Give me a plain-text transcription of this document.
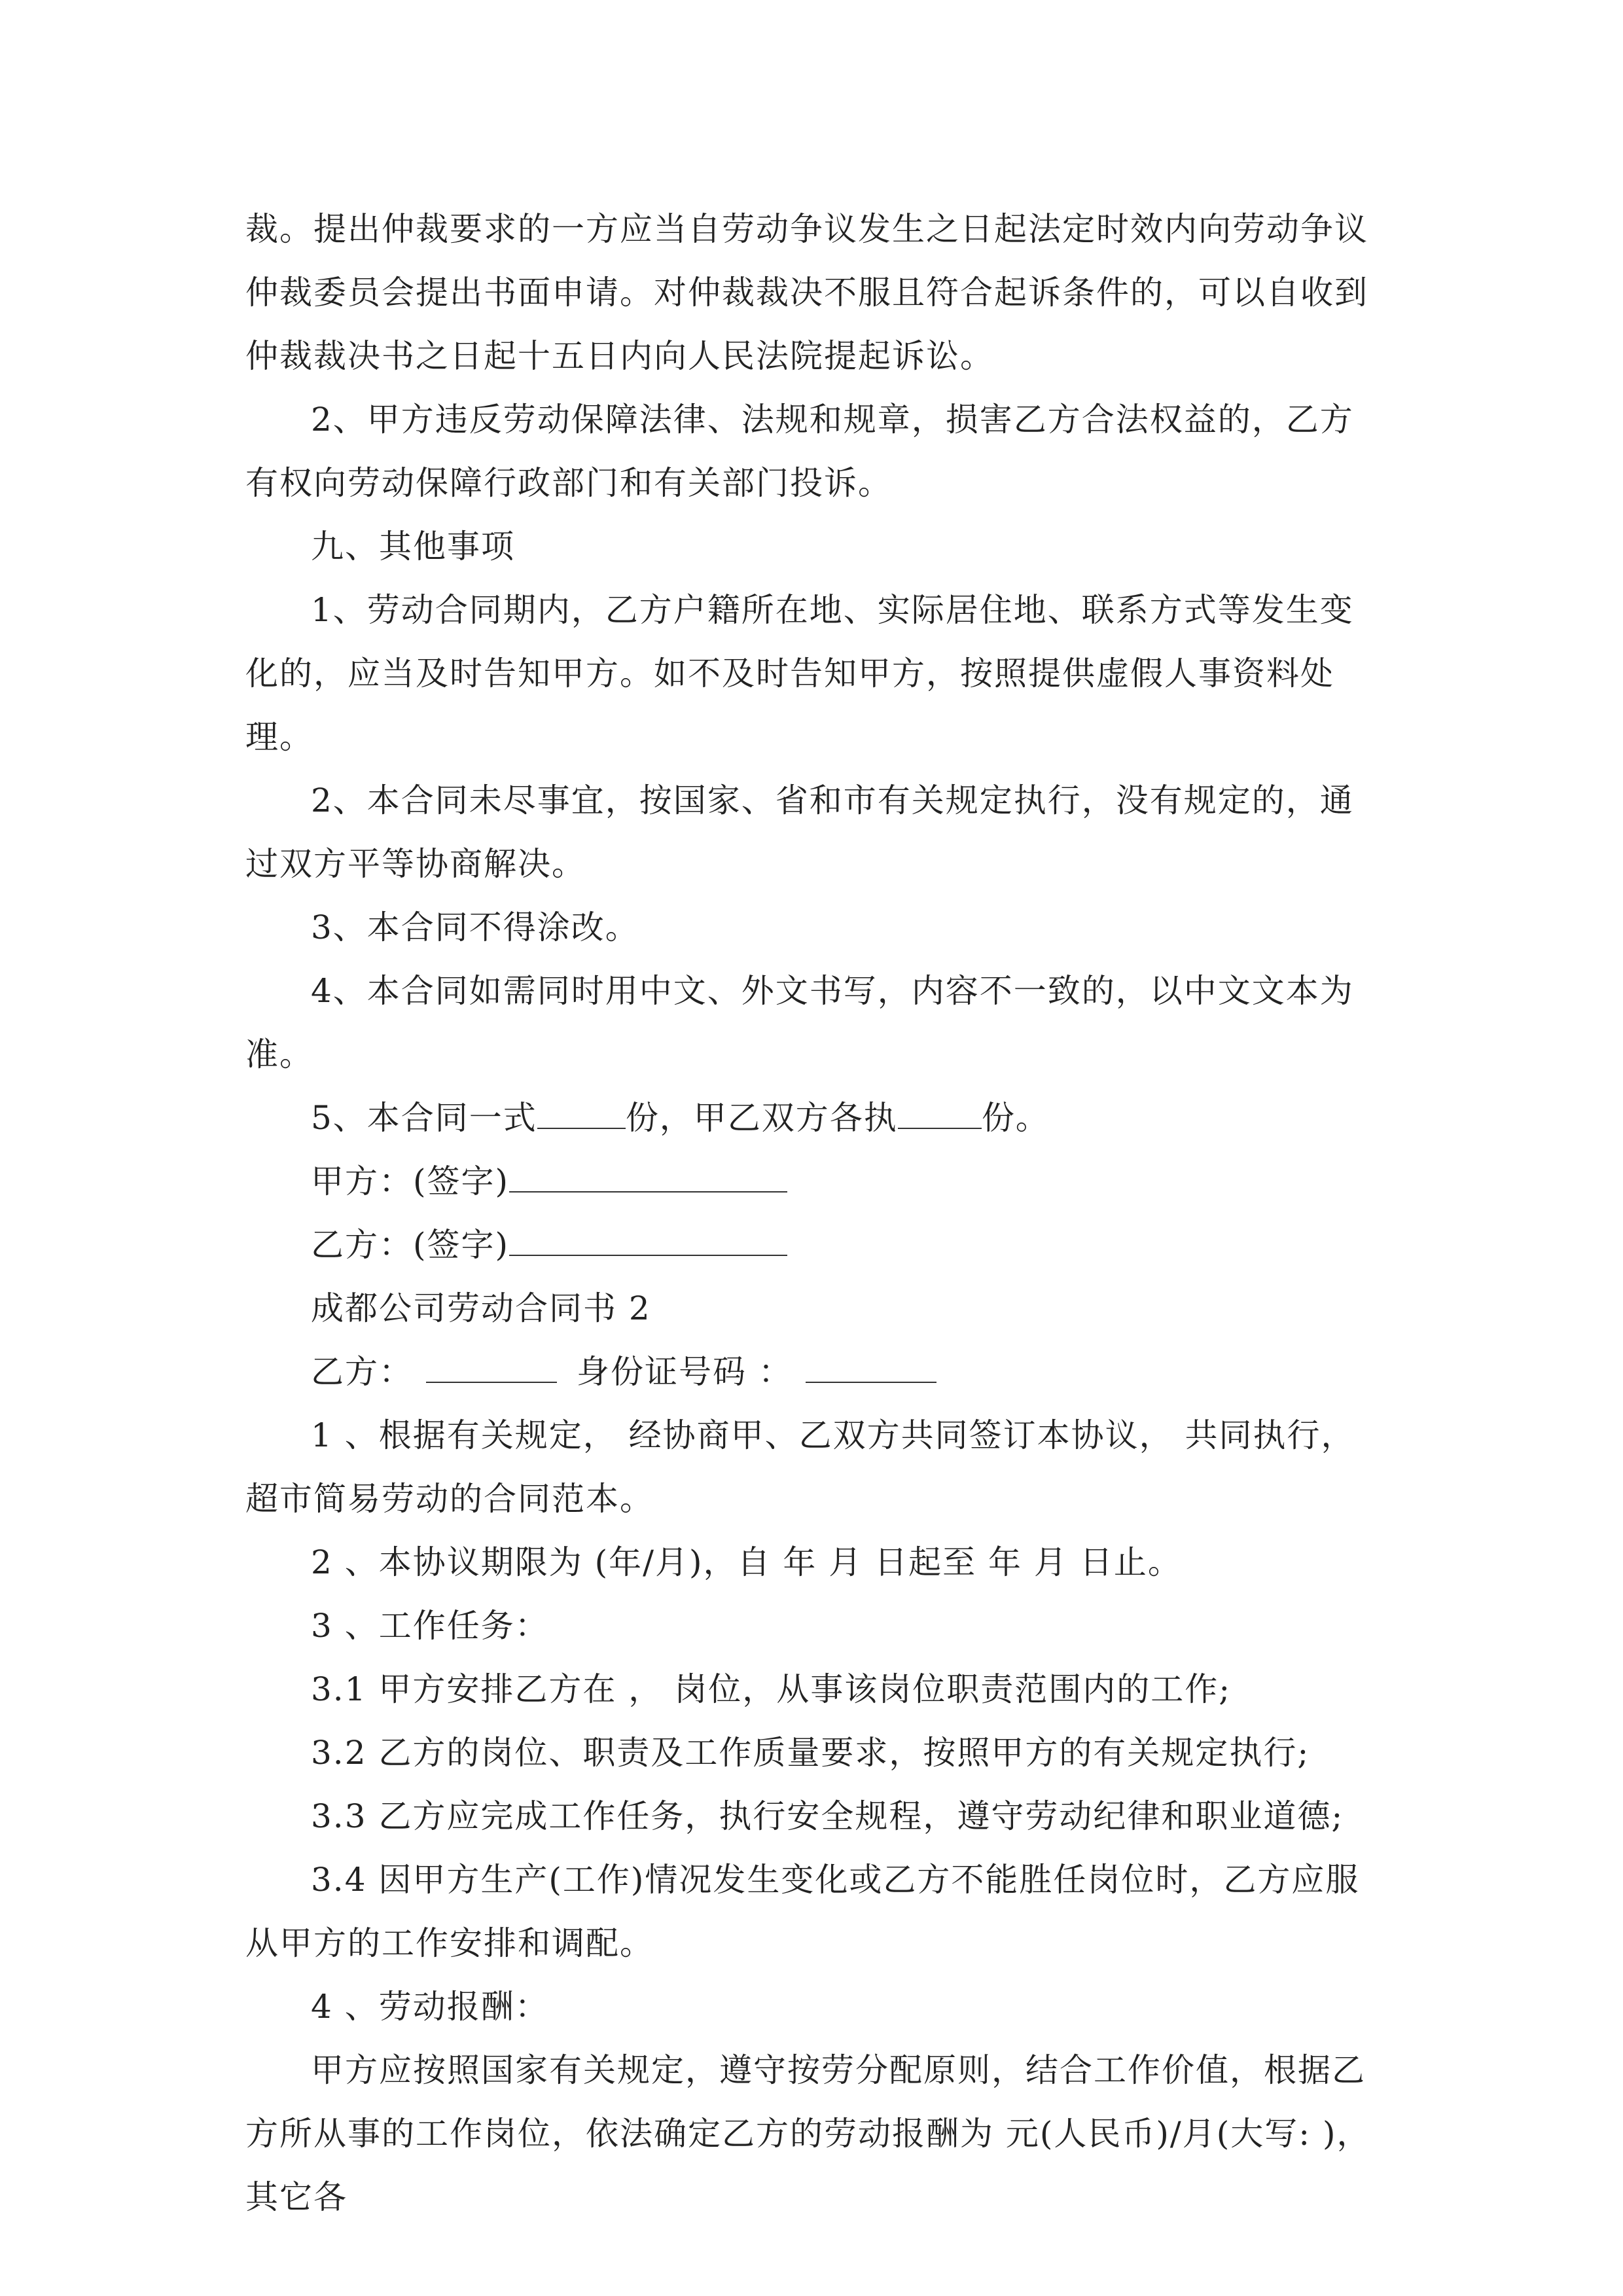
裁。提出仲裁要求的一方应当自劳动争议发生之日起法定时效内向劳动争议仲裁委员会提出书面申请。对仲裁裁决不服且符合起诉条件的，可以自收到仲裁裁决书之日起十五日内向人民法院提起诉讼。

2、甲方违反劳动保障法律、法规和规章，损害乙方合法权益的，乙方有权向劳动保障行政部门和有关部门投诉。

九、其他事项

1、劳动合同期内，乙方户籍所在地、实际居住地、联系方式等发生变化的，应当及时告知甲方。如不及时告知甲方，按照提供虚假人事资料处理。

2、本合同未尽事宜，按国家、省和市有关规定执行，没有规定的，通过双方平等协商解决。

3、本合同不得涂改。

4、本合同如需同时用中文、外文书写，内容不一致的，以中文文本为准。

5、本合同一式	份，甲乙双方各执	份。

甲方：(签字)

乙方：(签字)

成都公司劳动合同书 2

乙方：	身份证号码 ：

1 、根据有关规定， 经协商甲、乙双方共同签订本协议， 共同执行，超市简易劳动的合同范本。

2 、本协议期限为 (年/月)，自 年 月 日起至 年 月 日止。

3 、工作任务：

3.1 甲方安排乙方在 ， 岗位，从事该岗位职责范围内的工作;

3.2 乙方的岗位、职责及工作质量要求，按照甲方的有关规定执行;

3.3 乙方应完成工作任务，执行安全规程，遵守劳动纪律和职业道德;

3.4 因甲方生产(工作)情况发生变化或乙方不能胜任岗位时，乙方应服从甲方的工作安排和调配。

4 、劳动报酬：

甲方应按照国家有关规定，遵守按劳分配原则，结合工作价值，根据乙方所从事的工作岗位，依法确定乙方的劳动报酬为 元(人民币)/月(大写: )，其它各
